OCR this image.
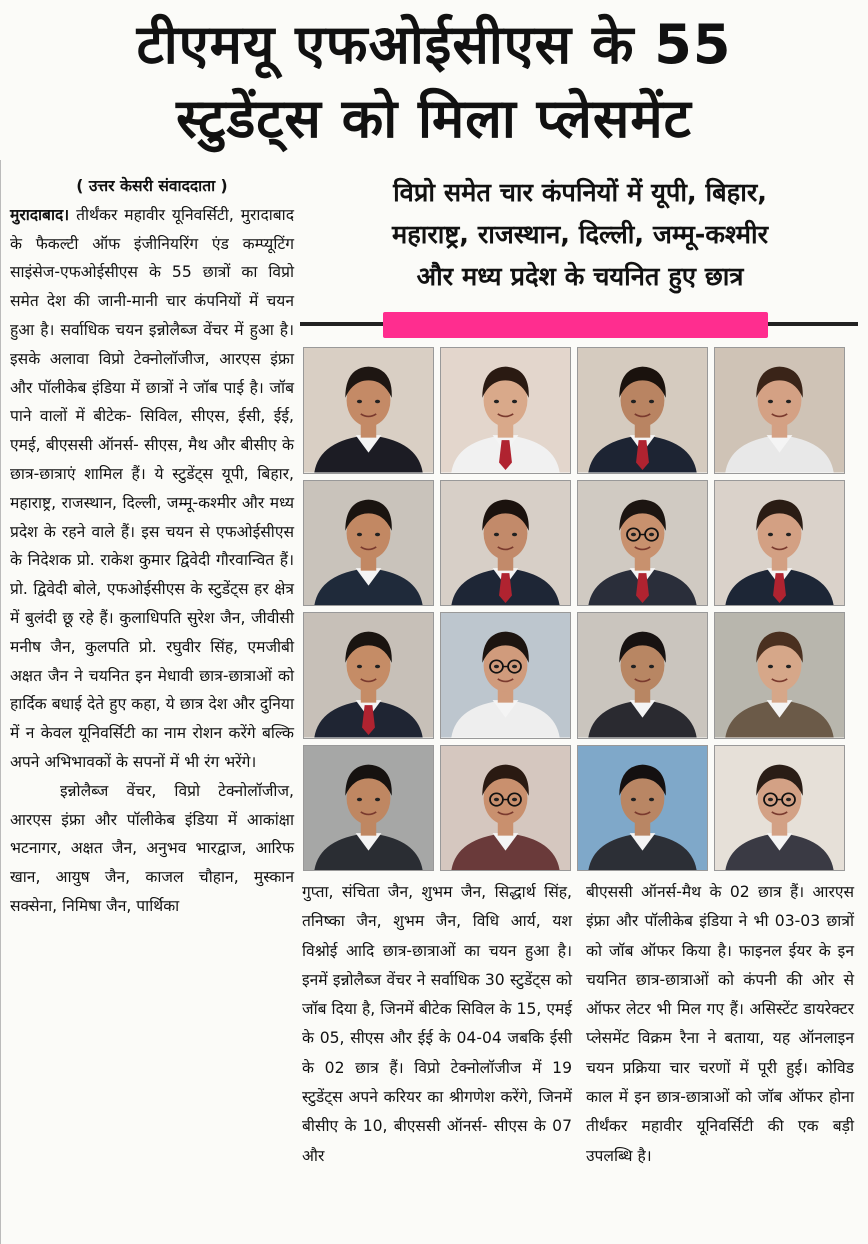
टीएमयू एफओईसीएस के 55
स्टुडेंट्स को मिला प्लेसमेंट
( उत्तर केसरी संवाददाता )

मुरादाबाद। तीर्थंकर महावीर यूनिवर्सिटी, मुरादाबाद के फैकल्टी ऑफ इंजीनियरिंग एंड कम्प्यूटिंग साइंसेज-एफओईसीएस के 55 छात्रों का विप्रो समेत देश की जानी-मानी चार कंपनियों में चयन हुआ है। सर्वाधिक चयन इन्नोलैब्ज वेंचर में हुआ है। इसके अलावा विप्रो टेक्नोलॉजीज, आरएस इंफ्रा और पॉलीकेब इंडिया में छात्रों ने जॉब पाई है। जॉब पाने वालों में बीटेक- सिविल, सीएस, ईसी, ईई, एमई, बीएससी ऑनर्स- सीएस, मैथ और बीसीए के छात्र-छात्राएं शामिल हैं। ये स्टुडेंट्स यूपी, बिहार, महाराष्ट्र, राजस्थान, दिल्ली, जम्मू-कश्मीर और मध्य प्रदेश के रहने वाले हैं। इस चयन से एफओईसीएस के निदेशक प्रो. राकेश कुमार द्विवेदी गौरवान्वित हैं। प्रो. द्विवेदी बोले, एफओईसीएस के स्टुडेंट्स हर क्षेत्र में बुलंदी छू रहे हैं। कुलाधिपति सुरेश जैन, जीवीसी मनीष जैन, कुलपति प्रो. रघुवीर सिंह, एमजीबी अक्षत जैन ने चयनित इन मेधावी छात्र-छात्राओं को हार्दिक बधाई देते हुए कहा, ये छात्र देश और दुनिया में न केवल यूनिवर्सिटी का नाम रोशन करेंगे बल्कि अपने अभिभावकों के सपनों में भी रंग भरेंगे।

इन्नोलैब्ज वेंचर, विप्रो टेक्नोलॉजीज, आरएस इंफ्रा और पॉलीकेब इंडिया में आकांक्षा भटनागर, अक्षत जैन, अनुभव भारद्वाज, आरिफ खान, आयुष जैन, काजल चौहान, मुस्कान सक्सेना, निमिषा जैन, पार्थिका

विप्रो समेत चार कंपनियों में यूपी, बिहार,
महाराष्ट्र, राजस्थान, दिल्ली, जम्मू-कश्मीर
और मध्य प्रदेश के चयनित हुए छात्र
गुप्ता, संचिता जैन, शुभम जैन, सिद्धार्थ सिंह, तनिष्का जैन, शुभम जैन, विधि आर्य, यश विश्नोई आदि छात्र-छात्राओं का चयन हुआ है। इनमें इन्नोलैब्ज वेंचर ने सर्वाधिक 30 स्टुडेंट्स को जॉब दिया है, जिनमें बीटेक सिविल के 15, एमई के 05, सीएस और ईई के 04-04 जबकि ईसी के 02 छात्र हैं। विप्रो टेक्नोलॉजीज में 19 स्टुडेंट्स अपने करियर का श्रीगणेश करेंगे, जिनमें बीसीए के 10, बीएससी ऑनर्स- सीएस के 07 और
बीएससी ऑनर्स-मैथ के 02 छात्र हैं। आरएस इंफ्रा और पॉलीकेब इंडिया ने भी 03-03 छात्रों को जॉब ऑफर किया है। फाइनल ईयर के इन चयनित छात्र-छात्राओं को कंपनी की ओर से ऑफर लेटर भी मिल गए हैं। असिस्टेंट डायरेक्टर प्लेसमेंट विक्रम रैना ने बताया, यह ऑनलाइन चयन प्रक्रिया चार चरणों में पूरी हुई। कोविड काल में इन छात्र-छात्राओं को जॉब ऑफर होना तीर्थंकर महावीर यूनिवर्सिटी की एक बड़ी उपलब्धि है।
